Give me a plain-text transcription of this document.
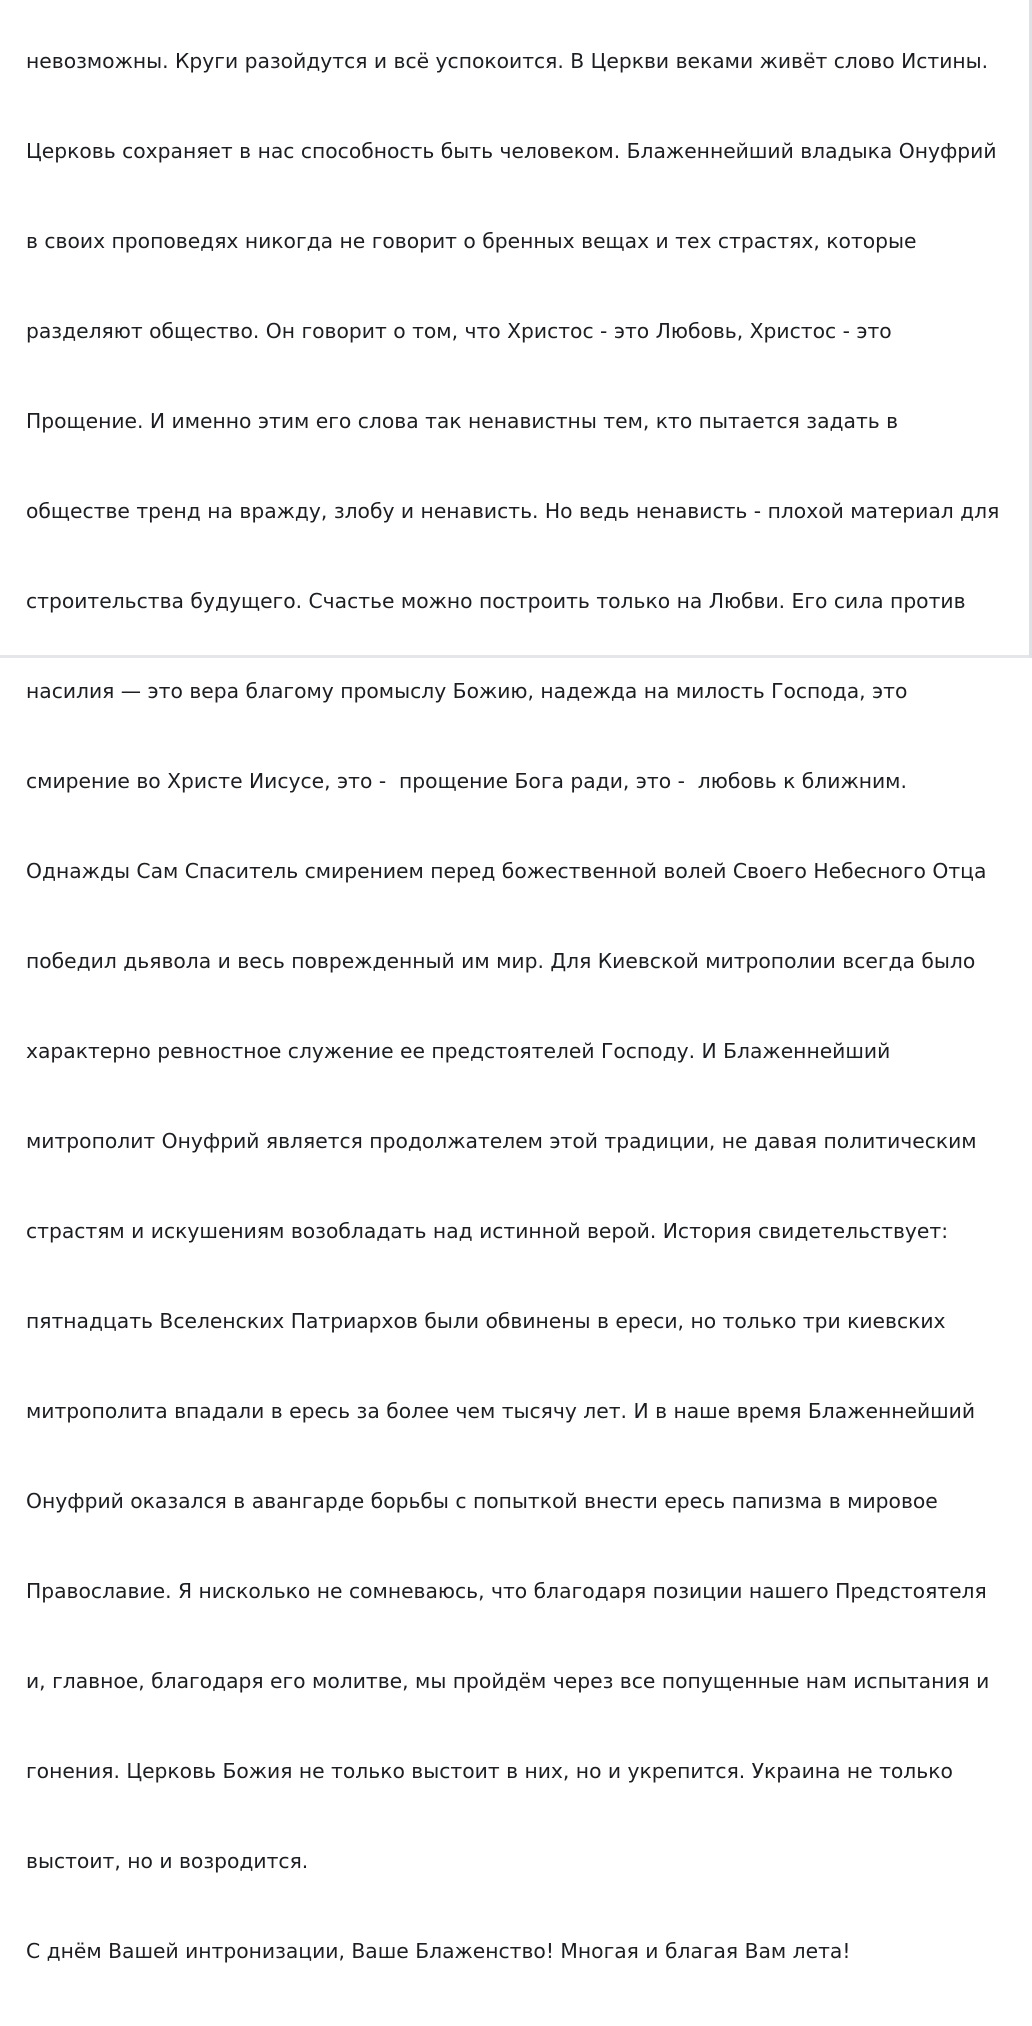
невозможны. Круги разойдутся и всё успокоится. В Церкви веками живёт слово Истины.

Церковь сохраняет в нас способность быть человеком. Блаженнейший владыка Онуфрий

в своих проповедях никогда не говорит о бренных вещах и тех страстях, которые

разделяют общество. Он говорит о том, что Христос - это Любовь, Христос - это

Прощение. И именно этим его слова так ненавистны тем, кто пытается задать в

обществе тренд на вражду, злобу и ненависть. Но ведь ненависть - плохой материал для

строительства будущего. Счастье можно построить только на Любви. Его сила против

насилия — это вера благому промыслу Божию, надежда на милость Господа, это

смирение во Христе Иисусе, это -  прощение Бога ради, это -  любовь к ближним.

Однажды Сам Спаситель смирением перед божественной волей Своего Небесного Отца

победил дьявола и весь поврежденный им мир. Для Киевской митрополии всегда было

характерно ревностное служение ее предстоятелей Господу. И Блаженнейший

митрополит Онуфрий является продолжателем этой традиции, не давая политическим

страстям и искушениям возобладать над истинной верой. История свидетельствует:

пятнадцать Вселенских Патриархов были обвинены в ереси, но только три киевских

митрополита впадали в ересь за более чем тысячу лет. И в наше время Блаженнейший

Онуфрий оказался в авангарде борьбы с попыткой внести ересь папизма в мировое

Православие. Я нисколько не сомневаюсь, что благодаря позиции нашего Предстоятеля

и, главное, благодаря его молитве, мы пройдём через все попущенные нам испытания и

гонения. Церковь Божия не только выстоит в них, но и укрепится. Украина не только

выстоит, но и возродится.

С днём Вашей интронизации, Ваше Блаженство! Многая и благая Вам лета!
